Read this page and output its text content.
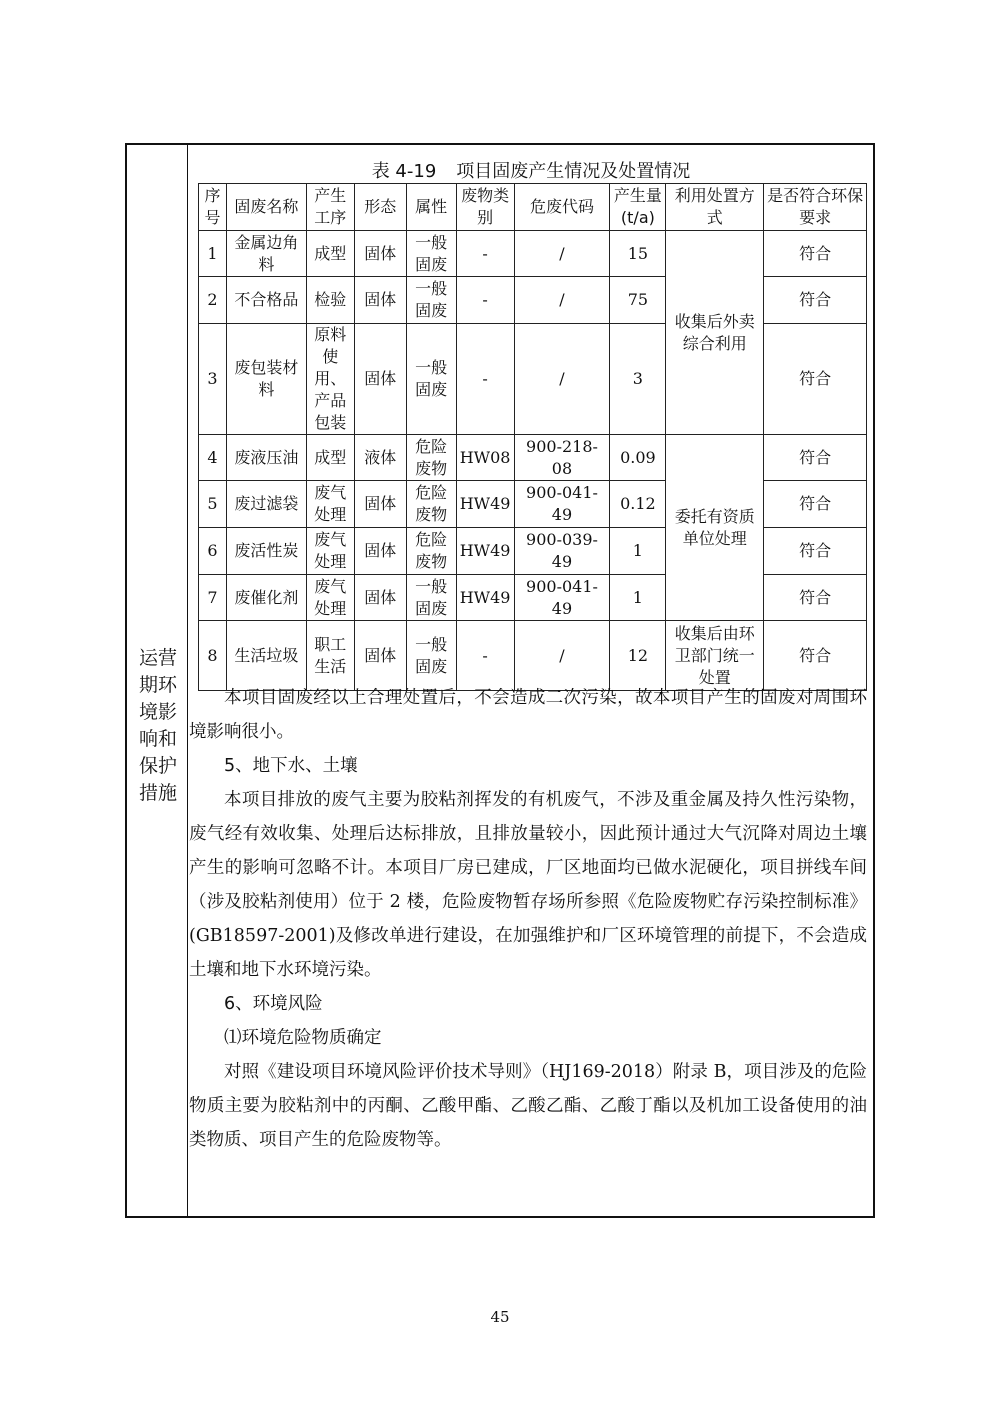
运营期环境影响和保护措施
表 4-19 项目固废产生情况及处置情况
序号	固废名称	产生工序	形态	属性	废物类别	危废代码	产生量(t/a)	利用处置方式	是否符合环保要求
1	金属边角料	成型	固体	一般固废	-	/	15	收集后外卖综合利用	符合
2	不合格品	检验	固体	一般固废	-	/	75		符合
3	废包装材料	原料使用、产品包装	固体	一般固废	-	/	3		符合
4	废液压油	成型	液体	危险废物	HW08	900-218-08	0.09	委托有资质单位处理	符合
5	废过滤袋	废气处理	固体	危险废物	HW49	900-041-49	0.12		符合
6	废活性炭	废气处理	固体	危险废物	HW49	900-039-49	1		符合
7	废催化剂	废气处理	固体	一般固废	HW49	900-041-49	1		符合
8	生活垃圾	职工生活	固体	一般固废	-	/	12	收集后由环卫部门统一处置	符合

本项目固废经以上合理处置后，不会造成二次污染，故本项目产生的固废对周围环境影响很小。

5、地下水、土壤

本项目排放的废气主要为胶粘剂挥发的有机废气，不涉及重金属及持久性污染物，废气经有效收集、处理后达标排放，且排放量较小，因此预计通过大气沉降对周边土壤产生的影响可忽略不计。本项目厂房已建成，厂区地面均已做水泥硬化，项目拼线车间（涉及胶粘剂使用）位于 2 楼，危险废物暂存场所参照《危险废物贮存污染控制标准》(GB18597-2001)及修改单进行建设，在加强维护和厂区环境管理的前提下，不会造成土壤和地下水环境污染。

6、环境风险

⑴环境危险物质确定

对照《建设项目环境风险评价技术导则》（HJ169-2018）附录 B，项目涉及的危险物质主要为胶粘剂中的丙酮、乙酸甲酯、乙酸乙酯、乙酸丁酯以及机加工设备使用的油类物质、项目产生的危险废物等。

45
